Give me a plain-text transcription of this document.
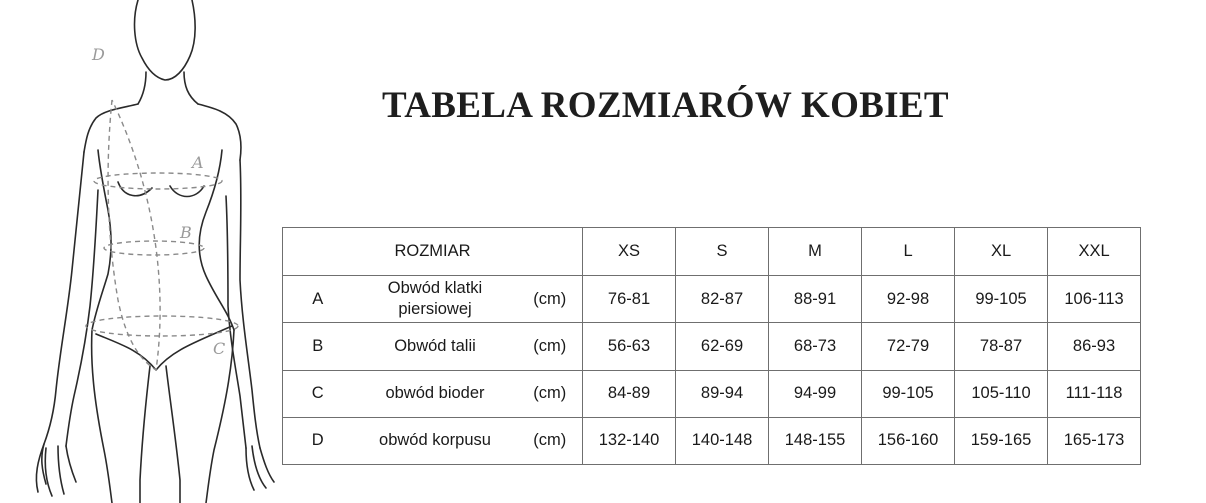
D
A
B
C
TABELA ROZMIARÓW KOBIET
ROZMIAR			XS	S	M	L	XL	XXL
A	Obwód klatki piersiowej	(cm)	76-81	82-87	88-91	92-98	99-105	106-113
B	Obwód talii	(cm)	56-63	62-69	68-73	72-79	78-87	86-93
C	obwód bioder	(cm)	84-89	89-94	94-99	99-105	105-110	111-118
D	obwód korpusu	(cm)	132-140	140-148	148-155	156-160	159-165	165-173
